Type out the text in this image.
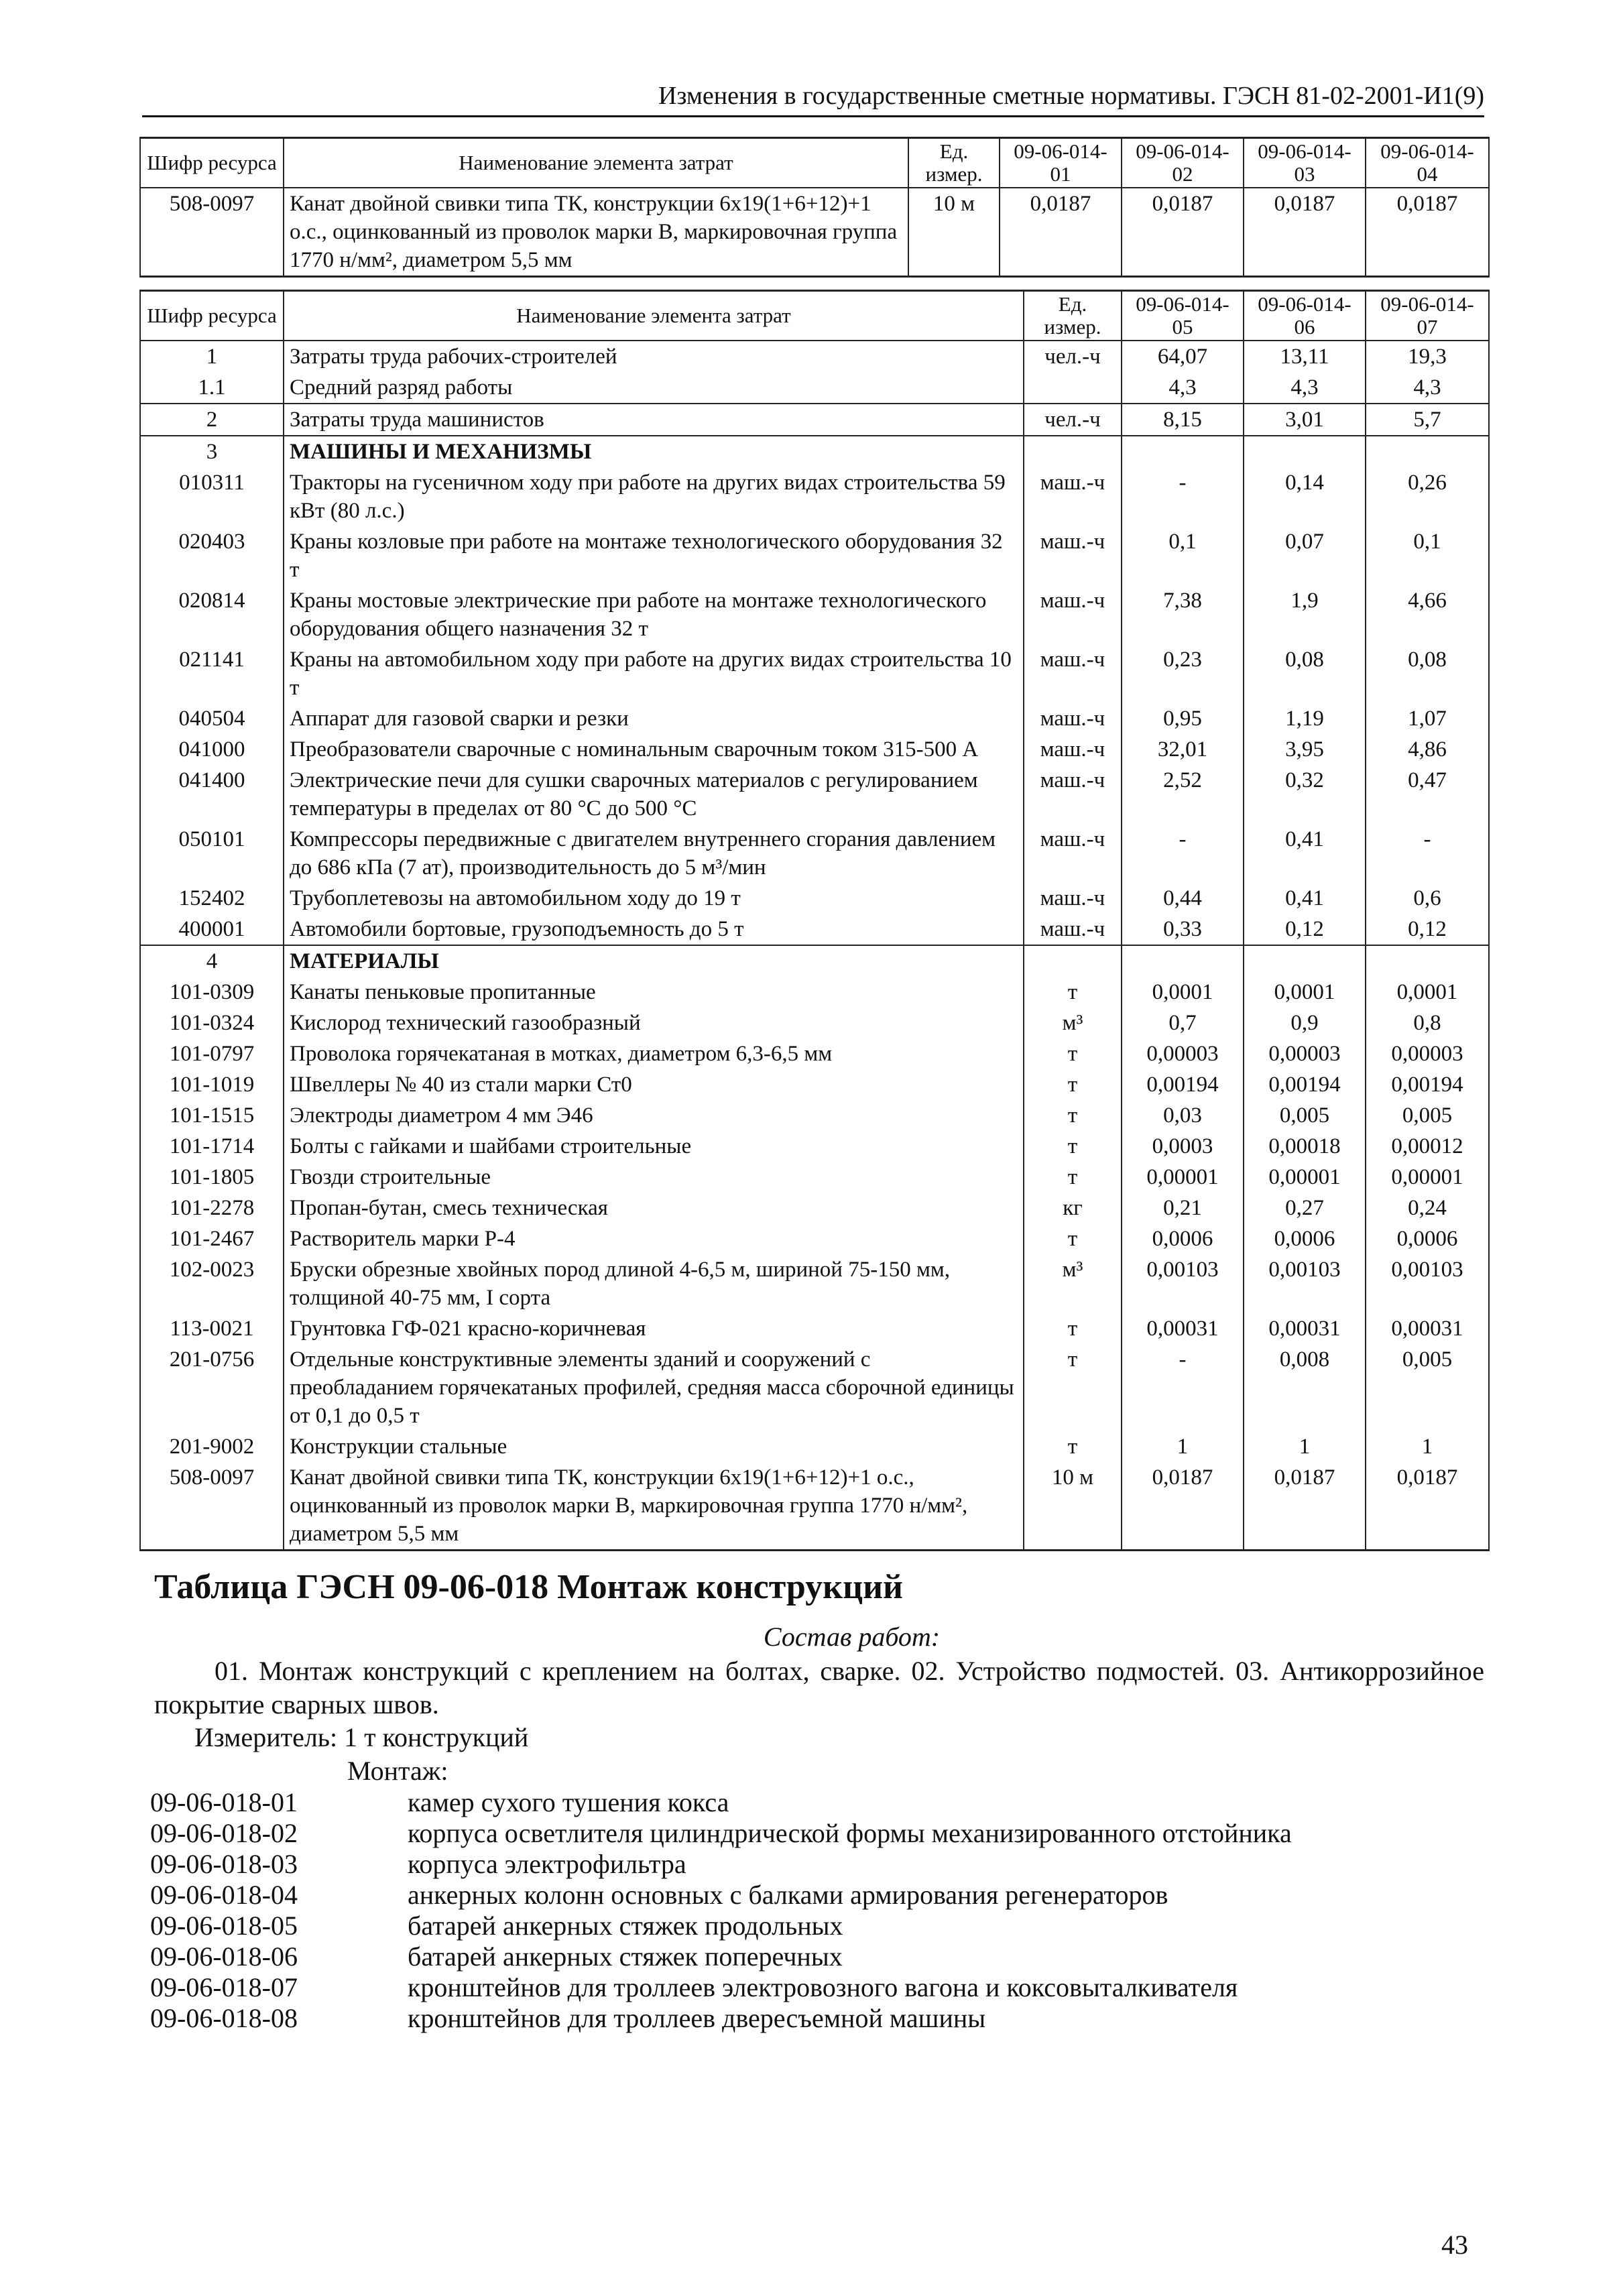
Изменения в государственные сметные нормативы. ГЭСН 81-02-2001-И1(9)
Шифр ресурса	Наименование элемента затрат	Ед. измер.	09-06-014-01	09-06-014-02	09-06-014-03	09-06-014-04
508-0097	Канат двойной свивки типа ТК, конструкции 6x19(1+6+12)+1 о.с., оцинкованный из проволок марки В, маркировочная группа 1770 н/мм², диаметром 5,5 мм	10 м	0,0187	0,0187	0,0187	0,0187
Шифр ресурса	Наименование элемента затрат	Ед. измер.	09-06-014-05	09-06-014-06	09-06-014-07
1	Затраты труда рабочих-строителей	чел.-ч	64,07	13,11	19,3
1.1	Средний разряд работы		4,3	4,3	4,3
2	Затраты труда машинистов	чел.-ч	8,15	3,01	5,7
3	МАШИНЫ И МЕХАНИЗМЫ				
010311	Тракторы на гусеничном ходу при работе на других видах строительства 59 кВт (80 л.с.)	маш.-ч	-	0,14	0,26
020403	Краны козловые при работе на монтаже технологического оборудования 32 т	маш.-ч	0,1	0,07	0,1
020814	Краны мостовые электрические при работе на монтаже технологического оборудования общего назначения 32 т	маш.-ч	7,38	1,9	4,66
021141	Краны на автомобильном ходу при работе на других видах строительства 10 т	маш.-ч	0,23	0,08	0,08
040504	Аппарат для газовой сварки и резки	маш.-ч	0,95	1,19	1,07
041000	Преобразователи сварочные с номинальным сварочным током 315-500 А	маш.-ч	32,01	3,95	4,86
041400	Электрические печи для сушки сварочных материалов с регулированием температуры в пределах от 80 °С до 500 °С	маш.-ч	2,52	0,32	0,47
050101	Компрессоры передвижные с двигателем внутреннего сгорания давлением до 686 кПа (7 ат), производительность до 5 м³/мин	маш.-ч	-	0,41	-
152402	Трубоплетевозы на автомобильном ходу до 19 т	маш.-ч	0,44	0,41	0,6
400001	Автомобили бортовые, грузоподъемность до 5 т	маш.-ч	0,33	0,12	0,12
4	МАТЕРИАЛЫ				
101-0309	Канаты пеньковые пропитанные	т	0,0001	0,0001	0,0001
101-0324	Кислород технический газообразный	м³	0,7	0,9	0,8
101-0797	Проволока горячекатаная в мотках, диаметром 6,3-6,5 мм	т	0,00003	0,00003	0,00003
101-1019	Швеллеры № 40 из стали марки Ст0	т	0,00194	0,00194	0,00194
101-1515	Электроды диаметром 4 мм Э46	т	0,03	0,005	0,005
101-1714	Болты с гайками и шайбами строительные	т	0,0003	0,00018	0,00012
101-1805	Гвозди строительные	т	0,00001	0,00001	0,00001
101-2278	Пропан-бутан, смесь техническая	кг	0,21	0,27	0,24
101-2467	Растворитель марки Р-4	т	0,0006	0,0006	0,0006
102-0023	Бруски обрезные хвойных пород длиной 4-6,5 м, шириной 75-150 мм, толщиной 40-75 мм, I сорта	м³	0,00103	0,00103	0,00103
113-0021	Грунтовка ГФ-021 красно-коричневая	т	0,00031	0,00031	0,00031
201-0756	Отдельные конструктивные элементы зданий и сооружений с преобладанием горячекатаных профилей, средняя масса сборочной единицы от 0,1 до 0,5 т	т	-	0,008	0,005
201-9002	Конструкции стальные	т	1	1	1
508-0097	Канат двойной свивки типа ТК, конструкции 6x19(1+6+12)+1 о.с., оцинкованный из проволок марки В, маркировочная группа 1770 н/мм², диаметром 5,5 мм	10 м	0,0187	0,0187	0,0187
Таблица ГЭСН 09-06-018 Монтаж конструкций
Состав работ:
01. Монтаж конструкций с креплением на болтах, сварке. 02. Устройство подмостей. 03. Антикоррозийное покрытие сварных швов.
Измеритель: 1 т конструкций
Монтаж:
09-06-018-01	камер сухого тушения кокса
09-06-018-02	корпуса осветлителя цилиндрической формы механизированного отстойника
09-06-018-03	корпуса электрофильтра
09-06-018-04	анкерных колонн основных с балками армирования регенераторов
09-06-018-05	батарей анкерных стяжек продольных
09-06-018-06	батарей анкерных стяжек поперечных
09-06-018-07	кронштейнов для троллеев электровозного вагона и коксовыталкивателя
09-06-018-08	кронштейнов для троллеев двересъемной машины
43
